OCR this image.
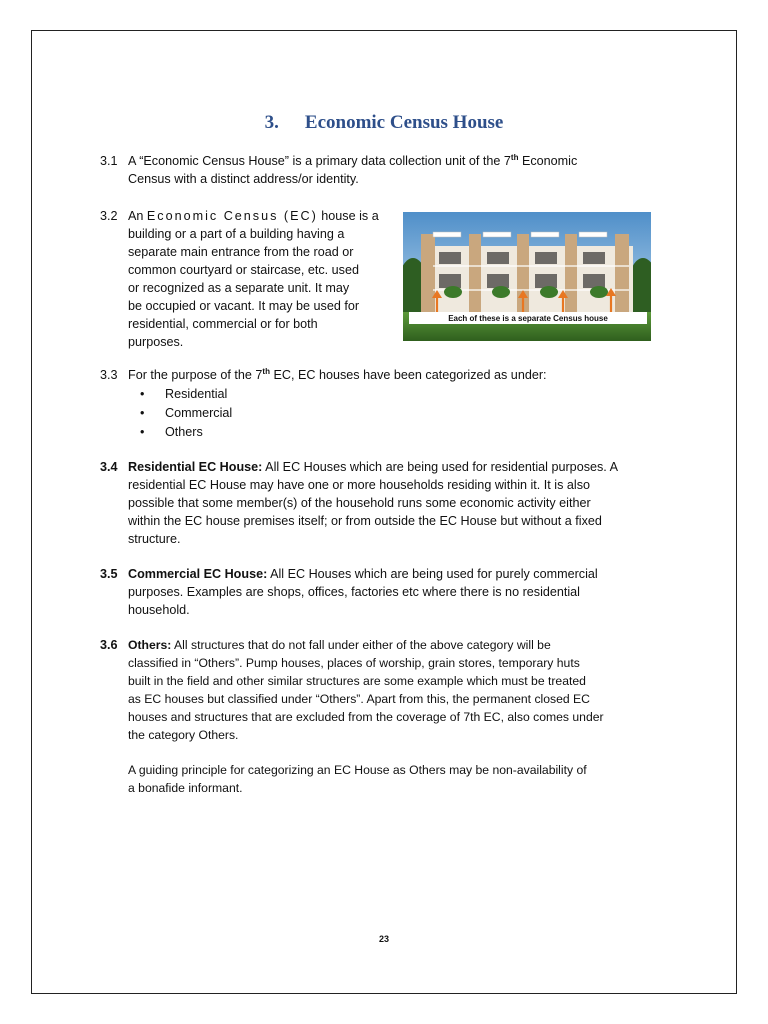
3. Economic Census House
3.1 A “Economic Census House” is a primary data collection unit of the 7th Economic
Census with a distinct address/or identity.
3.2 An Economic Census (EC) house is a
building or a part of a building having a
separate main entrance from the road or
common courtyard or staircase, etc. used
or recognized as a separate unit. It may
be occupied or vacant. It may be used for
residential, commercial or for both
purposes.
Each of these is a separate Census house
3.3 For the purpose of the 7th EC, EC houses have been categorized as under:
• Residential
• Commercial
• Others
3.4 Residential EC House: All EC Houses which are being used for residential purposes. A
residential EC House may have one or more households residing within it. It is also
possible that some member(s) of the household runs some economic activity either
within the EC house premises itself; or from outside the EC House but without a fixed
structure.
3.5 Commercial EC House: All EC Houses which are being used for purely commercial
purposes. Examples are shops, offices, factories etc where there is no residential
household.
3.6 Others: All structures that do not fall under either of the above category will be
classified in “Others”. Pump houses, places of worship, grain stores, temporary huts
built in the field and other similar structures are some example which must be treated
as EC houses but classified under “Others”. Apart from this, the permanent closed EC
houses and structures that are excluded from the coverage of 7th EC, also comes under
the category Others.
A guiding principle for categorizing an EC House as Others may be non-availability of
a bonafide informant.
23
